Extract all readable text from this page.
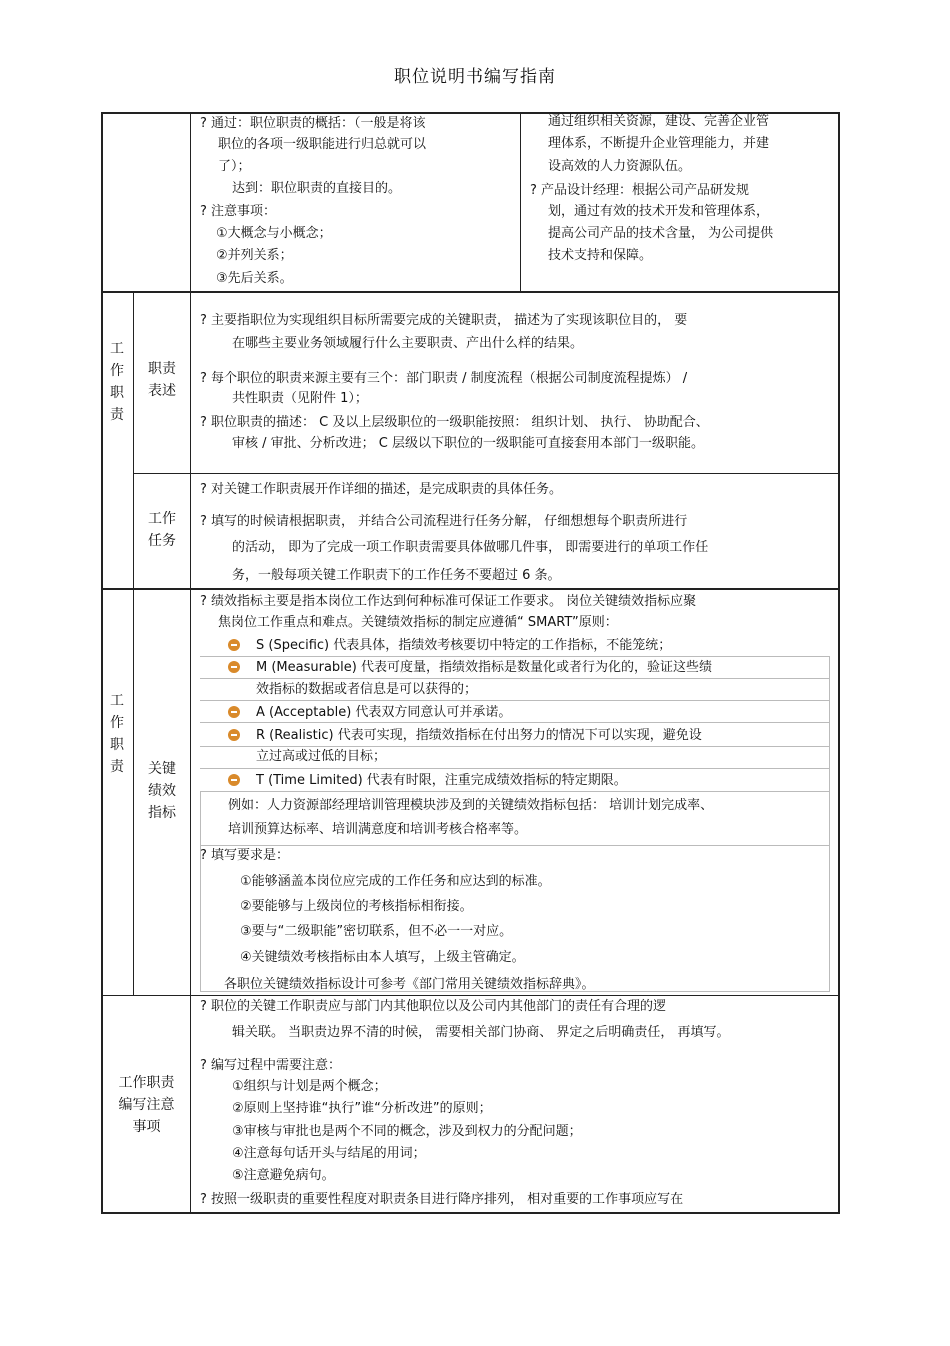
职位说明书编写指南
? 通过：职位职责的概括：（一般是将该
职位的各项一级职能进行归总就可以
了）；
达到：职位职责的直接目的。
? 注意事项：
①大概念与小概念；
②并列关系；
③先后关系。
通过组织相关资源，建设、完善企业管
理体系，不断提升企业管理能力，并建
设高效的人力资源队伍。
? 产品设计经理：根据公司产品研发规
划，通过有效的技术开发和管理体系，
提高公司产品的技术含量， 为公司提供
技术支持和保障。
工
作
职
责
职责
表述
? 主要指职位为实现组织目标所需要完成的关键职责， 描述为了实现该职位目的， 要
在哪些主要业务领域履行什么主要职责、产出什么样的结果。
? 每个职位的职责来源主要有三个：部门职责 / 制度流程（根据公司制度流程提炼） /
共性职责（见附件 1）；
? 职位职责的描述： C 及以上层级职位的一级职能按照： 组织计划、 执行、 协助配合、
审核 / 审批、分析改进； C 层级以下职位的一级职能可直接套用本部门一级职能。
工作
任务
? 对关键工作职责展开作详细的描述，是完成职责的具体任务。
? 填写的时候请根据职责， 并结合公司流程进行任务分解， 仔细想想每个职责所进行
的活动， 即为了完成一项工作职责需要具体做哪几件事， 即需要进行的单项工作任
务，一般每项关键工作职责下的工作任务不要超过 6 条。
工
作
职
责	关键
绩效
指标
? 绩效指标主要是指本岗位工作达到何种标准可保证工作要求。 岗位关键绩效指标应聚
焦岗位工作重点和难点。关键绩效指标的制定应遵循“ SMART”原则：
S (Specific) 代表具体，指绩效考核要切中特定的工作指标，不能笼统；
M (Measurable) 代表可度量，指绩效指标是数量化或者行为化的，验证这些绩
效指标的数据或者信息是可以获得的；
A (Acceptable) 代表双方同意认可并承诺。
R (Realistic) 代表可实现，指绩效指标在付出努力的情况下可以实现，避免设
立过高或过低的目标；
T (Time Limited) 代表有时限，注重完成绩效指标的特定期限。
例如：人力资源部经理培训管理模块涉及到的关键绩效指标包括： 培训计划完成率、
培训预算达标率、培训满意度和培训考核合格率等。
? 填写要求是：
①能够涵盖本岗位应完成的工作任务和应达到的标准。
②要能够与上级岗位的考核指标相衔接。
③要与“二级职能”密切联系，但不必一一对应。
④关键绩效考核指标由本人填写，上级主管确定。
各职位关键绩效指标设计可参考《部门常用关键绩效指标辞典》。
工作职责
编写注意
事项
? 职位的关键工作职责应与部门内其他职位以及公司内其他部门的责任有合理的逻
辑关联。 当职责边界不清的时候， 需要相关部门协商、 界定之后明确责任， 再填写。
? 编写过程中需要注意：
①组织与计划是两个概念；
②原则上坚持谁“执行”谁“分析改进”的原则；
③审核与审批也是两个不同的概念，涉及到权力的分配问题；
④注意每句话开头与结尾的用词；
⑤注意避免病句。
? 按照一级职责的重要性程度对职责条目进行降序排列， 相对重要的工作事项应写在
